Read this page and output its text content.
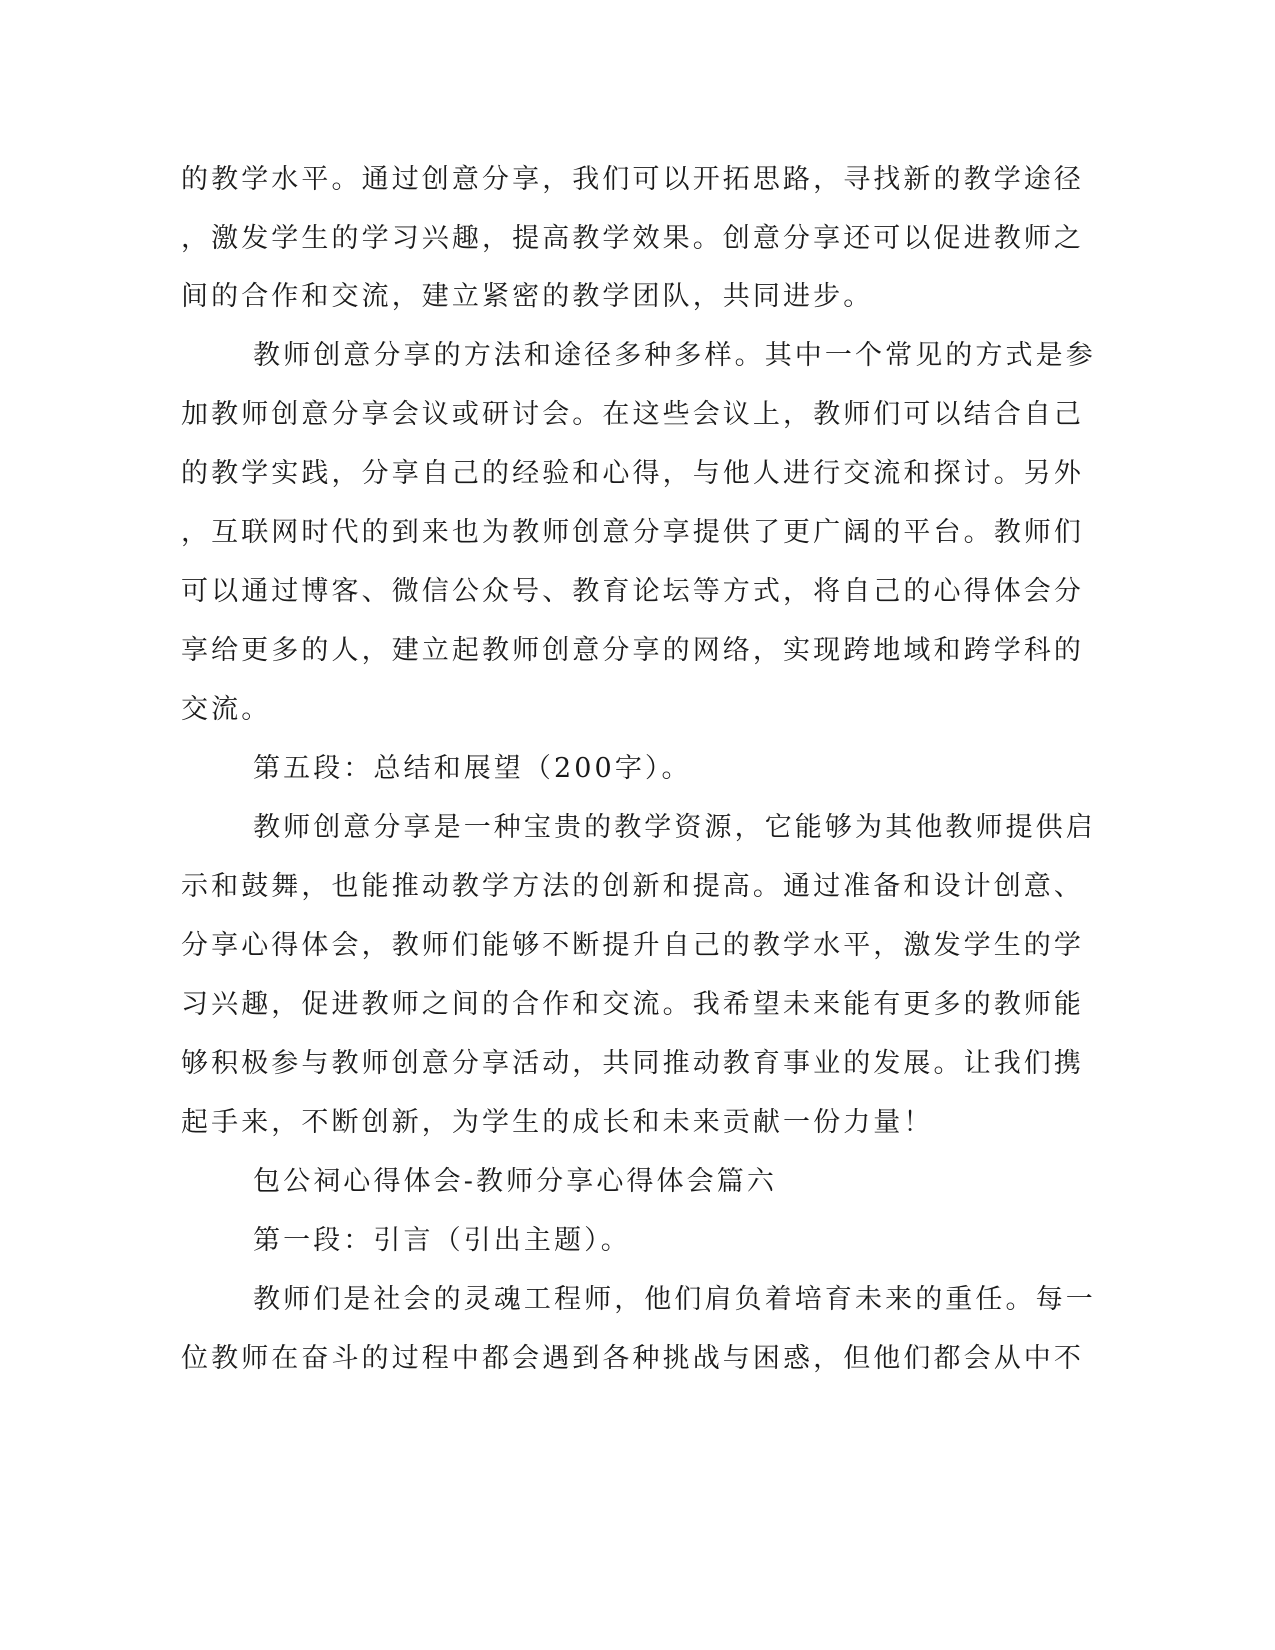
的教学水平。通过创意分享，我们可以开拓思路，寻找新的教学途径
，激发学生的学习兴趣，提高教学效果。创意分享还可以促进教师之
间的合作和交流，建立紧密的教学团队，共同进步。
教师创意分享的方法和途径多种多样。其中一个常见的方式是参
加教师创意分享会议或研讨会。在这些会议上，教师们可以结合自己
的教学实践，分享自己的经验和心得，与他人进行交流和探讨。另外
，互联网时代的到来也为教师创意分享提供了更广阔的平台。教师们
可以通过博客、微信公众号、教育论坛等方式，将自己的心得体会分
享给更多的人，建立起教师创意分享的网络，实现跨地域和跨学科的
交流。
第五段：总结和展望（200字）。
教师创意分享是一种宝贵的教学资源，它能够为其他教师提供启
示和鼓舞，也能推动教学方法的创新和提高。通过准备和设计创意、
分享心得体会，教师们能够不断提升自己的教学水平，激发学生的学
习兴趣，促进教师之间的合作和交流。我希望未来能有更多的教师能
够积极参与教师创意分享活动，共同推动教育事业的发展。让我们携
起手来，不断创新，为学生的成长和未来贡献一份力量！
包公祠心得体会-教师分享心得体会篇六
第一段：引言（引出主题）。
教师们是社会的灵魂工程师，他们肩负着培育未来的重任。每一
位教师在奋斗的过程中都会遇到各种挑战与困惑，但他们都会从中不
